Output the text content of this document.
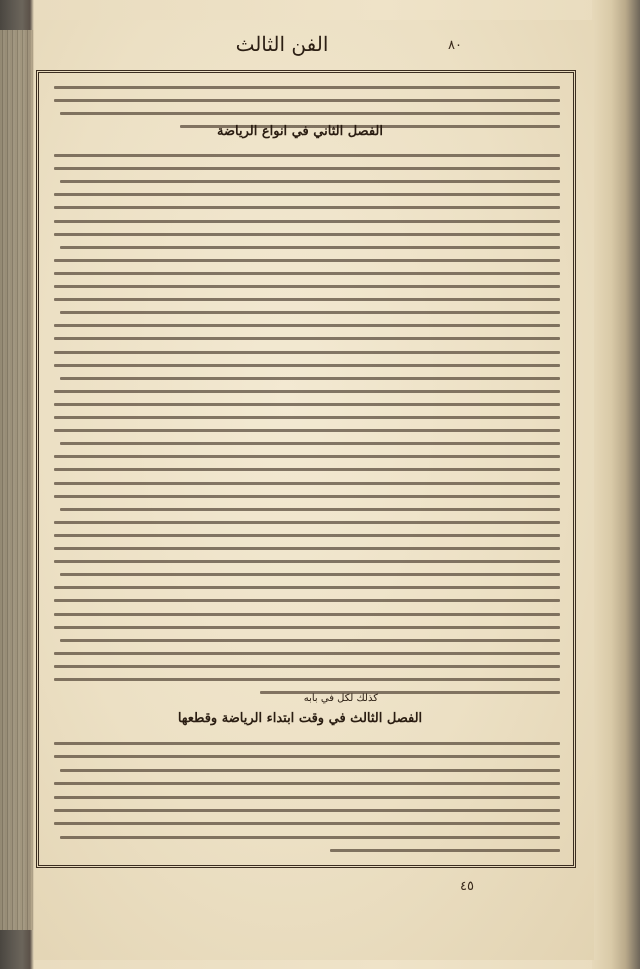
٨٠
الفن الثالث
الفصل الثاني في انواع الرياضة
كذلك لكل في بابه
الفصل الثالث في وقت ابتداء الرياضة وقطعها
٤٥
